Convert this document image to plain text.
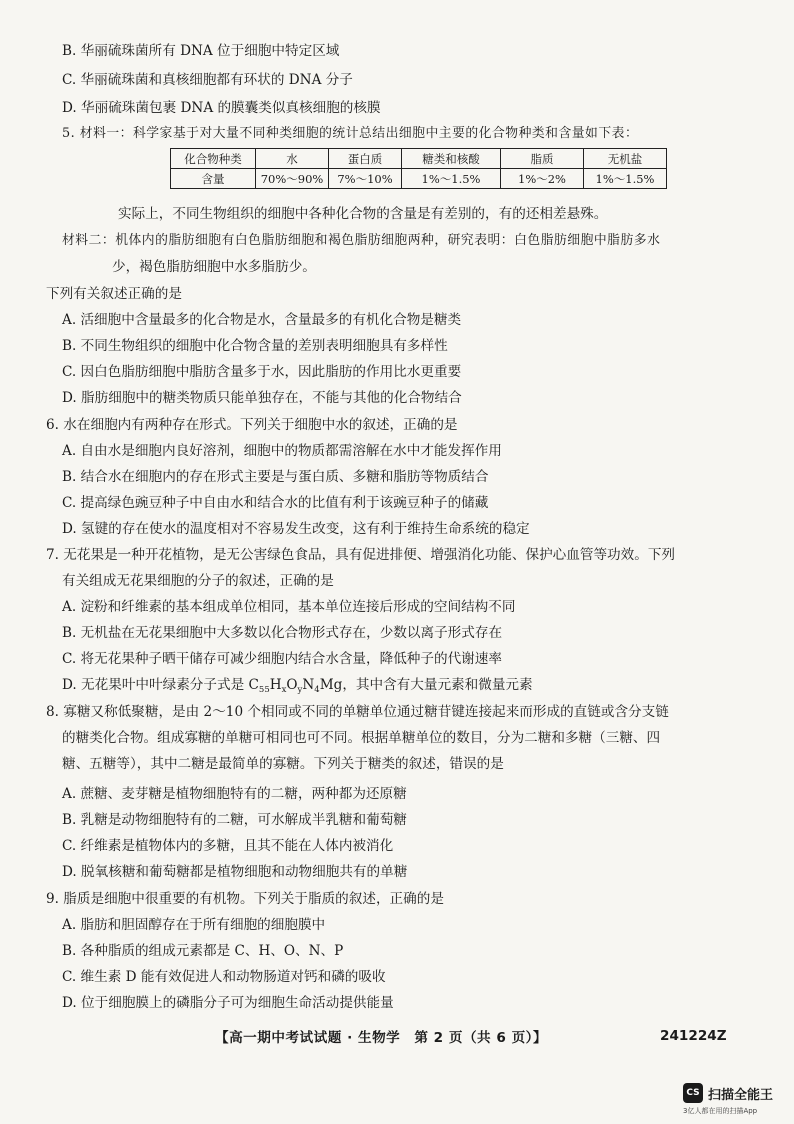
B. 华丽硫珠菌所有 DNA 位于细胞中特定区域
C. 华丽硫珠菌和真核细胞都有环状的 DNA 分子
D. 华丽硫珠菌包裹 DNA 的膜囊类似真核细胞的核膜
5. 材料一：科学家基于对大量不同种类细胞的统计总结出细胞中主要的化合物种类和含量如下表：
化合物种类	水	蛋白质	糖类和核酸	脂质	无机盐
含量	70%～90%	7%～10%	1%～1.5%	1%～2%	1%～1.5%
实际上，不同生物组织的细胞中各种化合物的含量是有差别的，有的还相差悬殊。
材料二：机体内的脂肪细胞有白色脂肪细胞和褐色脂肪细胞两种，研究表明：白色脂肪细胞中脂肪多水
少，褐色脂肪细胞中水多脂肪少。
下列有关叙述正确的是
A. 活细胞中含量最多的化合物是水，含量最多的有机化合物是糖类
B. 不同生物组织的细胞中化合物含量的差别表明细胞具有多样性
C. 因白色脂肪细胞中脂肪含量多于水，因此脂肪的作用比水更重要
D. 脂肪细胞中的糖类物质只能单独存在，不能与其他的化合物结合
6. 水在细胞内有两种存在形式。下列关于细胞中水的叙述，正确的是
A. 自由水是细胞内良好溶剂，细胞中的物质都需溶解在水中才能发挥作用
B. 结合水在细胞内的存在形式主要是与蛋白质、多糖和脂肪等物质结合
C. 提高绿色豌豆种子中自由水和结合水的比值有利于该豌豆种子的储藏
D. 氢键的存在使水的温度相对不容易发生改变，这有利于维持生命系统的稳定
7. 无花果是一种开花植物，是无公害绿色食品，具有促进排便、增强消化功能、保护心血管等功效。下列
有关组成无花果细胞的分子的叙述，正确的是
A. 淀粉和纤维素的基本组成单位相同，基本单位连接后形成的空间结构不同
B. 无机盐在无花果细胞中大多数以化合物形式存在，少数以离子形式存在
C. 将无花果种子晒干储存可减少细胞内结合水含量，降低种子的代谢速率
D. 无花果叶中叶绿素分子式是 $C_{55}H_xO_yN_4Mg$，其中含有大量元素和微量元素
8. 寡糖又称低聚糖，是由 2～10 个相同或不同的单糖单位通过糖苷键连接起来而形成的直链或含分支链
的糖类化合物。组成寡糖的单糖可相同也可不同。根据单糖单位的数目，分为二糖和多糖（三糖、四
糖、五糖等），其中二糖是最简单的寡糖。下列关于糖类的叙述，错误的是
A. 蔗糖、麦芽糖是植物细胞特有的二糖，两种都为还原糖
B. 乳糖是动物细胞特有的二糖，可水解成半乳糖和葡萄糖
C. 纤维素是植物体内的多糖，且其不能在人体内被消化
D. 脱氧核糖和葡萄糖都是植物细胞和动物细胞共有的单糖
9. 脂质是细胞中很重要的有机物。下列关于脂质的叙述，正确的是
A. 脂肪和胆固醇存在于所有细胞的细胞膜中
B. 各种脂质的组成元素都是 C、H、O、N、P
C. 维生素 D 能有效促进人和动物肠道对钙和磷的吸收
D. 位于细胞膜上的磷脂分子可为细胞生命活动提供能量
【高一期中考试试题 · 生物学　第 2 页（共 6 页）】	241224Z
CS 扫描全能王
3亿人都在用的扫描App
